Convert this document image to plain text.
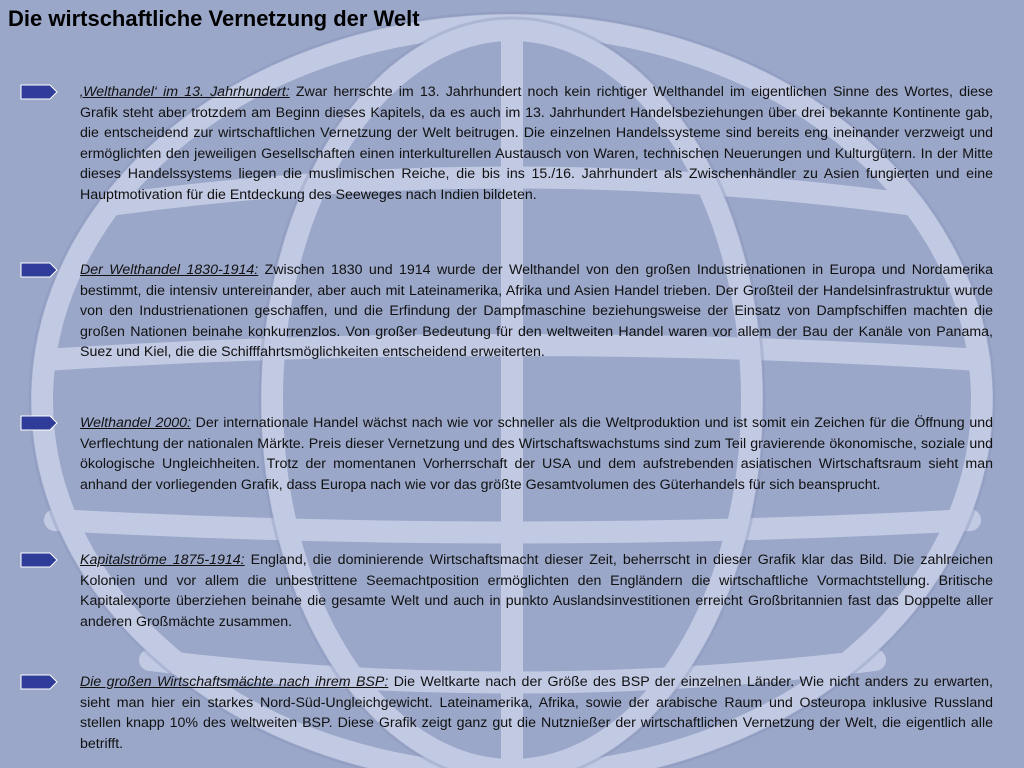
Die wirtschaftliche Vernetzung der Welt

‚Welthandel‘ im 13. Jahrhundert: Zwar herrschte im 13. Jahrhundert noch kein richtiger Welthandel im eigentlichen Sinne des Wortes, diese Grafik steht aber trotzdem am Beginn dieses Kapitels, da es auch im 13. Jahrhundert Handelsbeziehungen über drei bekannte Kontinente gab, die entscheidend zur wirtschaftlichen Vernetzung der Welt beitrugen. Die einzelnen Handelssysteme sind bereits eng ineinander verzweigt und ermöglichten den jeweiligen Gesellschaften einen interkulturellen Austausch von Waren, technischen Neuerungen und Kulturgütern. In der Mitte dieses Handelssystems liegen die muslimischen Reiche, die bis ins 15./16. Jahrhundert als Zwischenhändler zu Asien fungierten und eine Hauptmotivation für die Entdeckung des Seeweges nach Indien bildeten.

Der Welthandel 1830-1914: Zwischen 1830 und 1914 wurde der Welthandel von den großen Industrienationen in Europa und Nordamerika bestimmt, die intensiv untereinander, aber auch mit Lateinamerika, Afrika und Asien Handel trieben. Der Großteil der Handelsinfrastruktur wurde von den Industrienationen geschaffen, und die Erfindung der Dampfmaschine beziehungsweise der Einsatz von Dampfschiffen machten die großen Nationen beinahe konkurrenzlos. Von großer Bedeutung für den weltweiten Handel waren vor allem der Bau der Kanäle von Panama, Suez und Kiel, die die Schifffahrtsmöglichkeiten entscheidend erweiterten.

Welthandel 2000: Der internationale Handel wächst nach wie vor schneller als die Weltproduktion und ist somit ein Zeichen für die Öffnung und Verflechtung der nationalen Märkte. Preis dieser Vernetzung und des Wirtschaftswachstums sind zum Teil gravierende ökonomische, soziale und ökologische Ungleichheiten. Trotz der momentanen Vorherrschaft der USA und dem aufstrebenden asiatischen Wirtschaftsraum sieht man anhand der vorliegenden Grafik, dass Europa nach wie vor das größte Gesamtvolumen des Güterhandels für sich beansprucht.

Kapitalströme 1875-1914: England, die dominierende Wirtschaftsmacht dieser Zeit, beherrscht in dieser Grafik klar das Bild. Die zahlreichen Kolonien und vor allem die unbestrittene Seemachtposition ermöglichten den Engländern die wirtschaftliche Vormachtstellung. Britische Kapitalexporte überziehen beinahe die gesamte Welt und auch in punkto Auslandsinvestitionen erreicht Großbritannien fast das Doppelte aller anderen Großmächte zusammen.

Die großen Wirtschaftsmächte nach ihrem BSP: Die Weltkarte nach der Größe des BSP der einzelnen Länder. Wie nicht anders zu erwarten, sieht man hier ein starkes Nord-Süd-Ungleichgewicht. Lateinamerika, Afrika, sowie der arabische Raum und Osteuropa inklusive Russland stellen knapp 10% des weltweiten BSP. Diese Grafik zeigt ganz gut die Nutznießer der wirtschaftlichen Vernetzung der Welt, die eigentlich alle betrifft.
